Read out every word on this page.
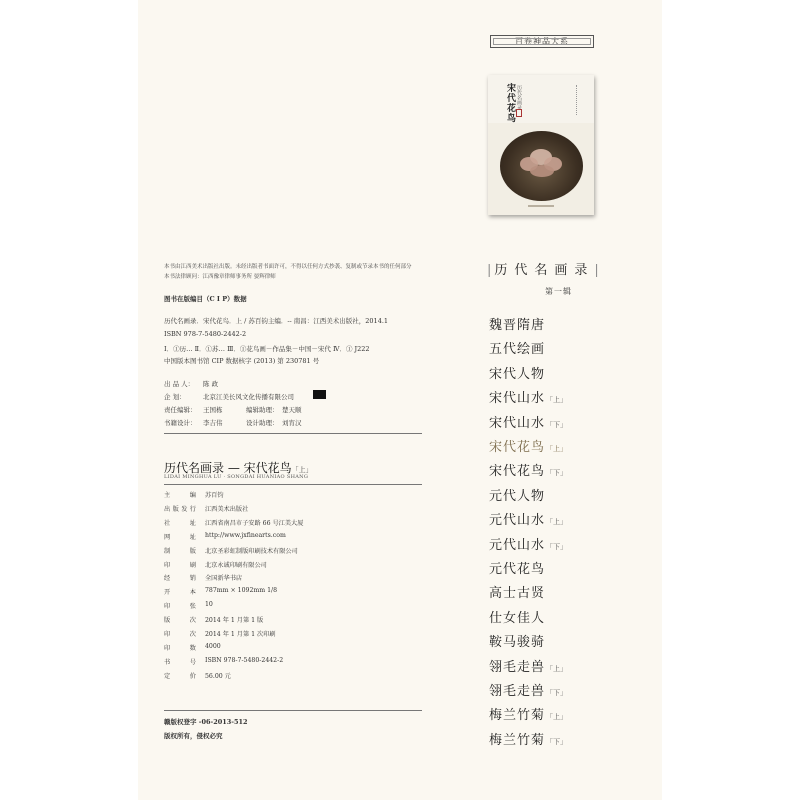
百卷神品大系
宋代花鸟 历代名画录
本书由江西美术出版社出版。未经出版者书面许可，不得以任何方式抄袭、复制或节录本书的任何部分
本书法律顾问：江西豫章律师事务所 晏辉律师
图书在版编目（C I P）数据
历代名画录．宋代花鸟．上 / 苏百钧主编．-- 南昌：江西美术出版社，2014.1
ISBN 978-7-5480-2442-2
Ⅰ．①历… Ⅱ．①苏… Ⅲ．①花鸟画－作品集－中国－宋代 Ⅳ．① J222
中国版本图书馆 CIP 数据核字 (2013) 第 230781 号
出 品 人： 陈 政
企 划：	北京江美长风文化传播有限公司
责任编辑： 王国栋	编辑助理： 楚天顺
书籍设计： 李吉伟	设计助理： 刘宵汉
历代名画录 — 宋代花鸟「上」
LIDAI MINGHUA LU · SONGDAI HUANIAO SHANG
主编 苏百钧
出版发行 江西美术出版社
社址 江西省南昌市子安路 66 号江美大厦
网址 http://www.jxfinearts.com
制版 北京圣彩虹制版印刷技术有限公司
印刷 北京永诚印刷有限公司
经销 全国新华书店
开本 787mm × 1092mm 1/8
印张 10
版次 2014 年 1 月第 1 版
印次 2014 年 1 月第 1 次印刷
印数 4000
书号 ISBN 978-7-5480-2442-2
定价 56.00 元
赣版权登字 -06-2013-512
版权所有，侵权必究
|历代名画录|
第一辑
魏晋隋唐
五代绘画
宋代人物
宋代山水「上」
宋代山水「下」
宋代花鸟「上」
宋代花鸟「下」
元代人物
元代山水「上」
元代山水「下」
元代花鸟
高士古贤
仕女佳人
鞍马骏骑
翎毛走兽「上」
翎毛走兽「下」
梅兰竹菊「上」
梅兰竹菊「下」
